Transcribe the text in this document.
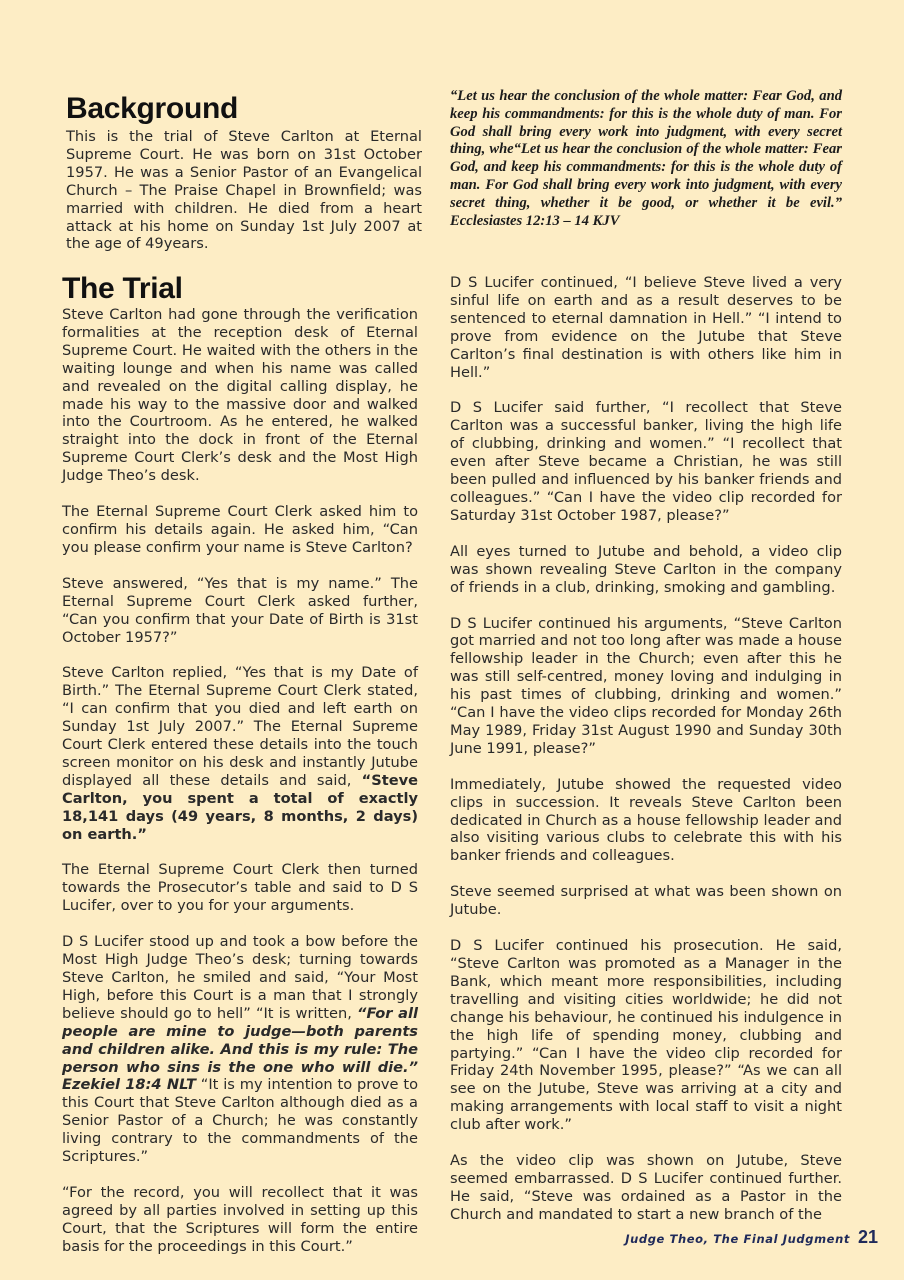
Background

This is the trial of Steve Carlton at Eternal Supreme Court. He was born on 31st October 1957. He was a Senior Pastor of an Evangelical Church – The Praise Chapel in Brownfield; was married with children. He died from a heart attack at his home on Sunday 1st July 2007 at the age of 49years.

“Let us hear the conclusion of the whole matter: Fear God, and keep his commandments: for this is the whole duty of man. For God shall bring every work into judgment, with every secret thing, whe“Let us hear the conclusion of the whole matter: Fear God, and keep his commandments: for this is the whole duty of man. For God shall bring every work into judgment, with every secret thing, whether it be good, or whether it be evil.” Ecclesiastes 12:13 – 14 KJV

The Trial

Steve Carlton had gone through the verification formalities at the reception desk of Eternal Supreme Court. He waited with the others in the waiting lounge and when his name was called and revealed on the digital calling display, he made his way to the massive door and walked into the Courtroom. As he entered, he walked straight into the dock in front of the Eternal Supreme Court Clerk’s desk and the Most High Judge Theo’s desk.

The Eternal Supreme Court Clerk asked him to confirm his details again. He asked him, “Can you please confirm your name is Steve Carlton?

Steve answered, “Yes that is my name.” The Eternal Supreme Court Clerk asked further, “Can you confirm that your Date of Birth is 31st October 1957?”

Steve Carlton replied, “Yes that is my Date of Birth.” The Eternal Supreme Court Clerk stated, “I can confirm that you died and left earth on Sunday 1st July 2007.” The Eternal Supreme Court Clerk entered these details into the touch screen monitor on his desk and instantly Jutube displayed all these details and said, “Steve Carlton, you spent a total of exactly 18,141 days (49 years, 8 months, 2 days) on earth.”

The Eternal Supreme Court Clerk then turned towards the Prosecutor’s table and said to D S Lucifer, over to you for your arguments.

D S Lucifer stood up and took a bow before the Most High Judge Theo’s desk; turning towards Steve Carlton, he smiled and said, “Your Most High, before this Court is a man that I strongly believe should go to hell” “It is written, “For all people are mine to judge—both parents and children alike. And this is my rule: The person who sins is the one who will die.” Ezekiel 18:4 NLT “It is my intention to prove to this Court that Steve Carlton although died as a Senior Pastor of a Church; he was constantly living contrary to the commandments of the Scriptures.”

“For the record, you will recollect that it was agreed by all parties involved in setting up this Court, that the Scriptures will form the entire basis for the proceedings in this Court.”

D S Lucifer continued, “I believe Steve lived a very sinful life on earth and as a result deserves to be sentenced to eternal damnation in Hell.” “I intend to prove from evidence on the Jutube that Steve Carlton’s final destination is with others like him in Hell.”

D S Lucifer said further, “I recollect that Steve Carlton was a successful banker, living the high life of clubbing, drinking and women.” “I recollect that even after Steve became a Christian, he was still been pulled and influenced by his banker friends and colleagues.” “Can I have the video clip recorded for Saturday 31st October 1987, please?”

All eyes turned to Jutube and behold, a video clip was shown revealing Steve Carlton in the company of friends in a club, drinking, smoking and gambling.

D S Lucifer continued his arguments, “Steve Carlton got married and not too long after was made a house fellowship leader in the Church; even after this he was still self-centred, money loving and indulging in his past times of clubbing, drinking and women.” “Can I have the video clips recorded for Monday 26th May 1989, Friday 31st August 1990 and Sunday 30th June 1991, please?”

Immediately, Jutube showed the requested video clips in succession. It reveals Steve Carlton been dedicated in Church as a house fellowship leader and also visiting various clubs to celebrate this with his banker friends and colleagues.

Steve seemed surprised at what was been shown on Jutube.

D S Lucifer continued his prosecution. He said, “Steve Carlton was promoted as a Manager in the Bank, which meant more responsibilities, including travelling and visiting cities worldwide; he did not change his behaviour, he continued his indulgence in the high life of spending money, clubbing and partying.” “Can I have the video clip recorded for Friday 24th November 1995, please?” “As we can all see on the Jutube, Steve was arriving at a city and making arrangements with local staff to visit a night club after work.”

As the video clip was shown on Jutube, Steve seemed embarrassed. D S Lucifer continued further. He said, “Steve was ordained as a Pastor in the Church and mandated to start a new branch of the

Judge Theo, The Final Judgment 21
